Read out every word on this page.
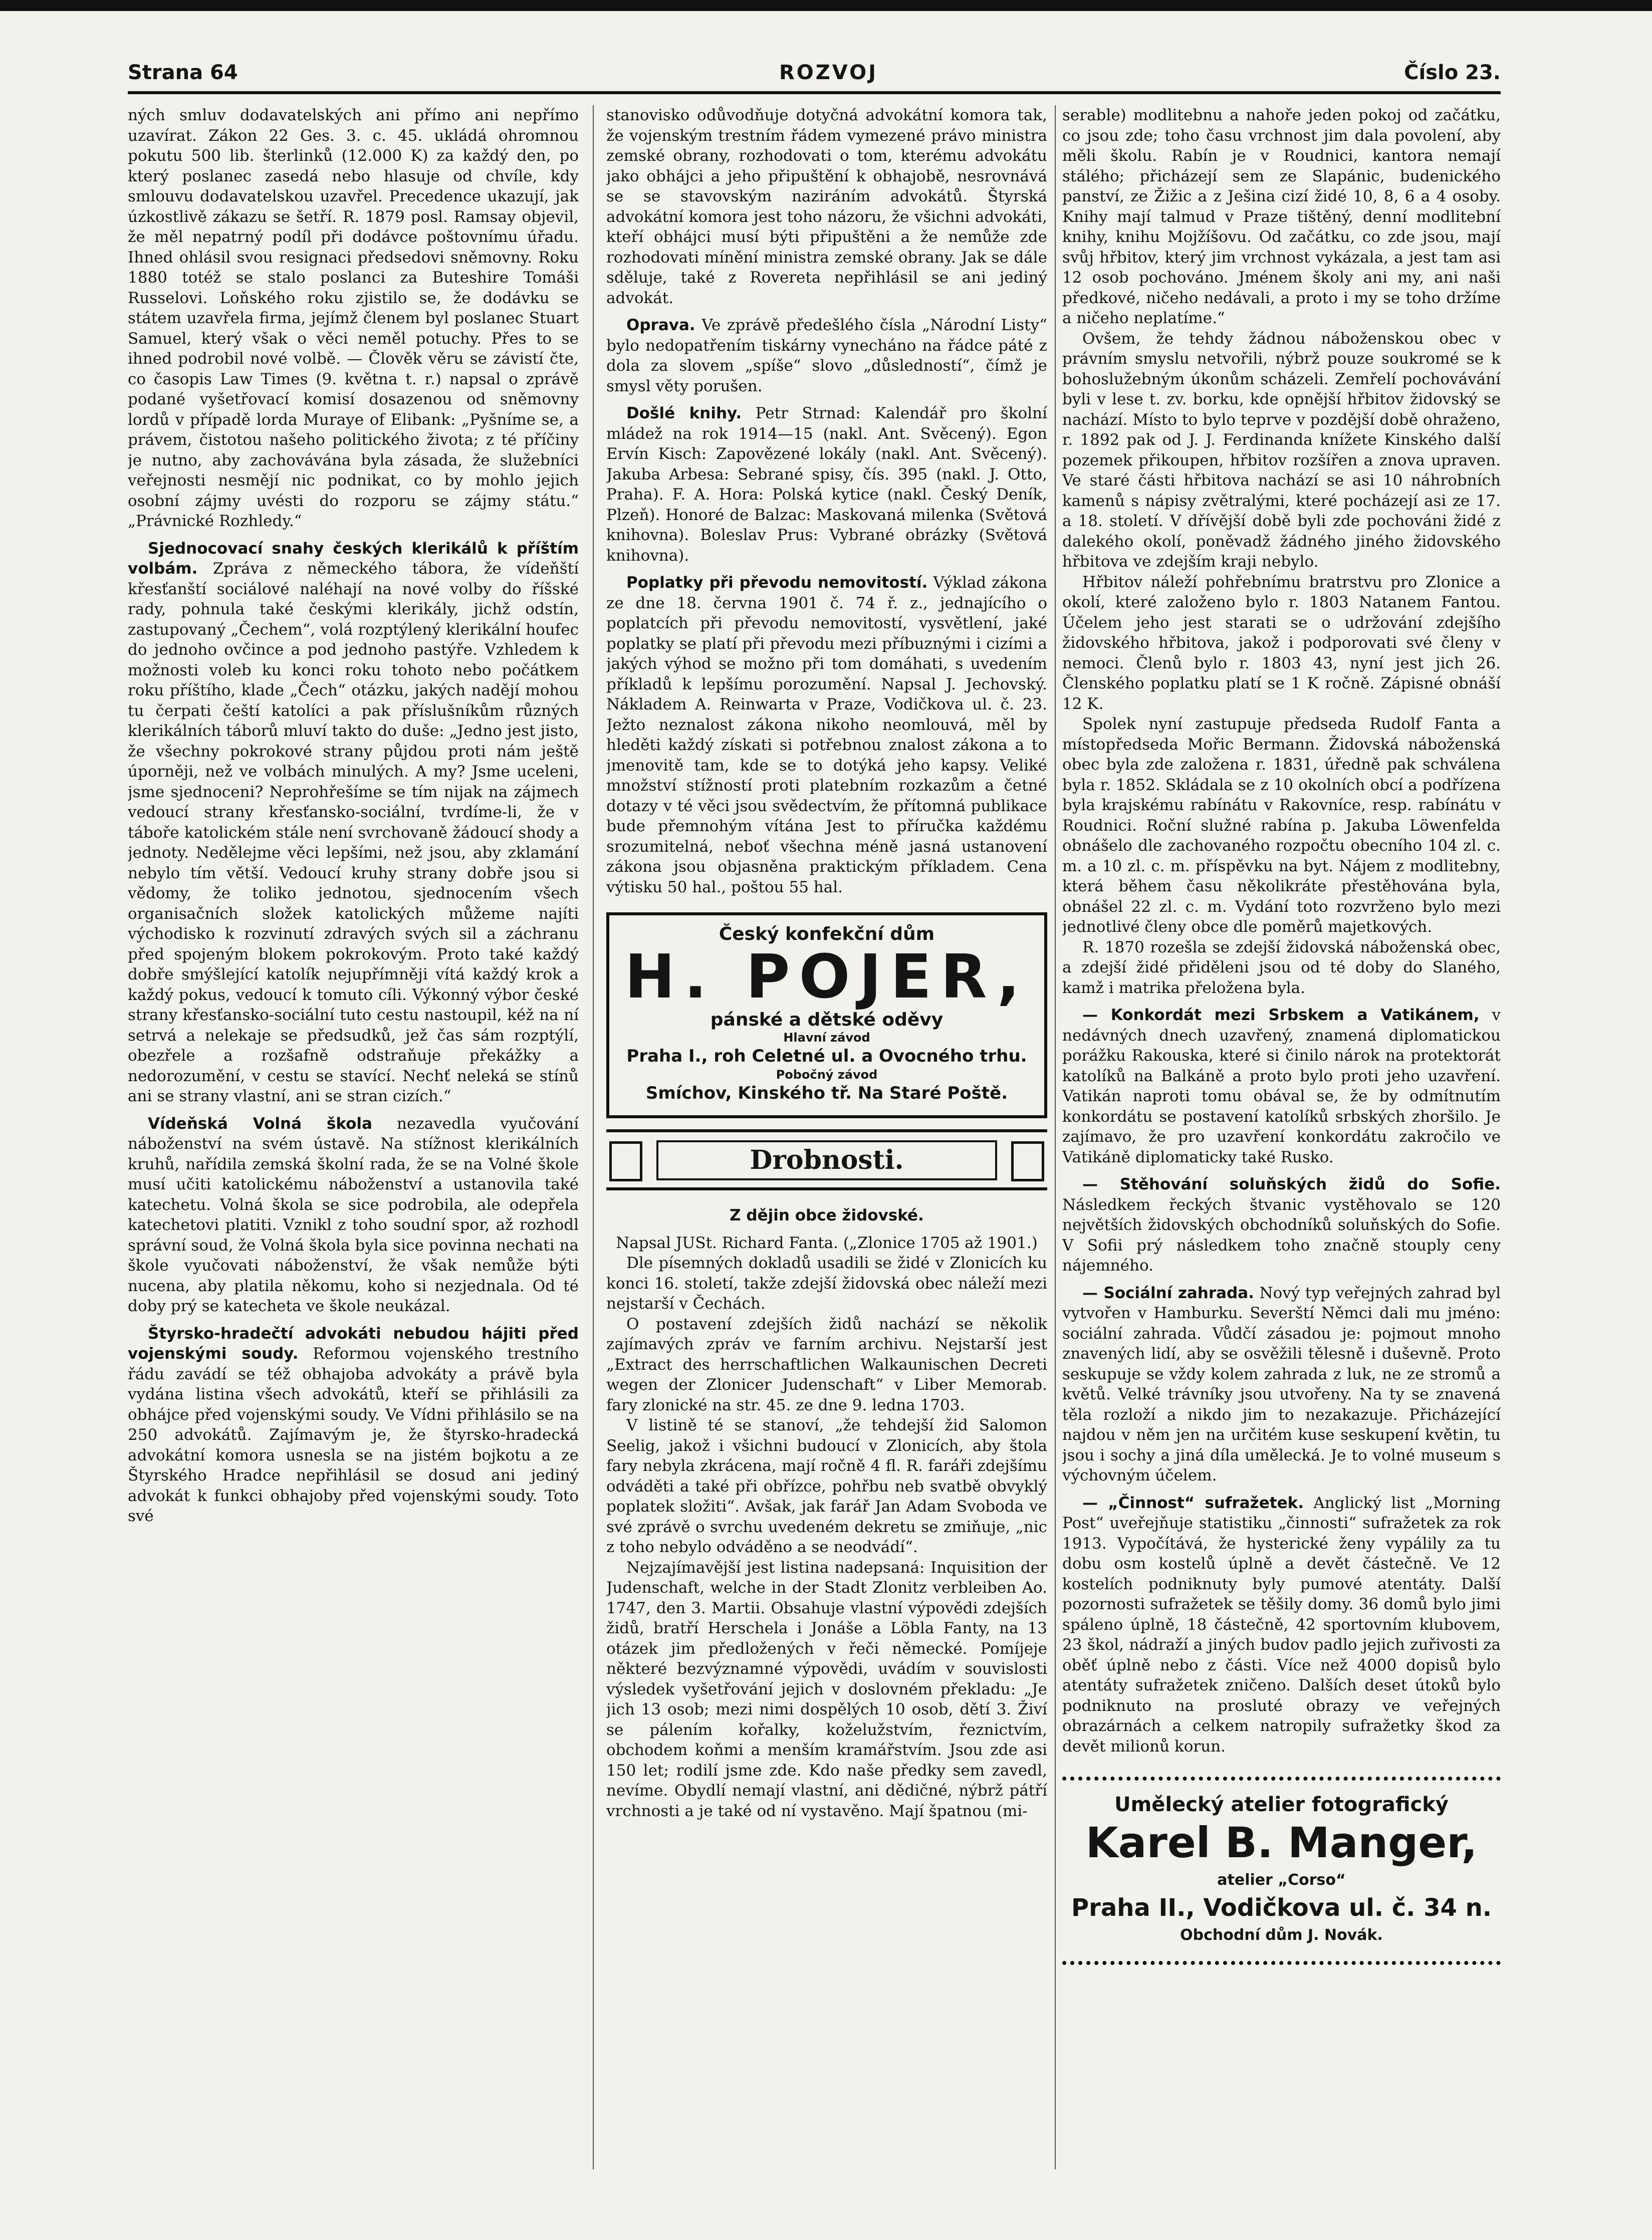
Strana 64	ROZVOJ	Číslo 23.

ných smluv dodavatelských ani přímo ani nepřímo uzavírat. Zákon 22 Ges. 3. c. 45. ukládá ohromnou pokutu 500 lib. šterlinků (12.000 K) za každý den, po který poslanec zasedá nebo hlasuje od chvíle, kdy smlouvu dodavatelskou uzavřel. Precedence ukazují, jak úzkostlivě zákazu se šetří. R. 1879 posl. Ramsay objevil, že měl nepatrný podíl při dodávce poštovnímu úřadu. Ihned ohlásil svou resignaci předsedovi sněmovny. Roku 1880 totéž se stalo poslanci za Buteshire Tomáši Russelovi. Loňského roku zjistilo se, že dodávku se státem uzavřela firma, jejímž členem byl poslanec Stuart Samuel, který však o věci neměl potuchy. Přes to se ihned podrobil nové volbě. — Člověk věru se závistí čte, co časopis Law Times (9. května t. r.) napsal o zprávě podané vyšetřovací komisí dosazenou od sněmovny lordů v případě lorda Muraye of Elibank: „Pyšníme se, a právem, čistotou našeho politického života; z té příčiny je nutno, aby zachovávána byla zásada, že služebníci veřejnosti nesmějí nic podnikat, co by mohlo jejich osobní zájmy uvésti do rozporu se zájmy státu.“ „Právnické Rozhledy.“

Sjednocovací snahy českých klerikálů k příštím volbám. Zpráva z německého tábora, že vídeňští křesťanští sociálové naléhají na nové volby do říšské rady, pohnula také českými klerikály, jichž odstín, zastupovaný „Čechem“, volá rozptýlený klerikální houfec do jednoho ovčince a pod jednoho pastýře. Vzhledem k možnosti voleb ku konci roku tohoto nebo počátkem roku příštího, klade „Čech“ otázku, jakých nadějí mohou tu čerpati čeští katolíci a pak příslušníkům různých klerikálních táborů mluví takto do duše: „Jedno jest jisto, že všechny pokrokové strany půjdou proti nám ještě úporněji, než ve volbách minulých. A my? Jsme uceleni, jsme sjednoceni? Neprohřešíme se tím nijak na zájmech vedoucí strany křesťansko-sociální, tvrdíme-li, že v táboře katolickém stále není svrchovaně žádoucí shody a jednoty. Nedělejme věci lepšími, než jsou, aby zklamání nebylo tím větší. Vedoucí kruhy strany dobře jsou si vědomy, že toliko jednotou, sjednocením všech organisačních složek katolických můžeme najíti východisko k rozvinutí zdravých svých sil a záchranu před spojeným blokem pokrokovým. Proto také každý dobře smýšlející katolík nejupřímněji vítá každý krok a každý pokus, vedoucí k tomuto cíli. Výkonný výbor české strany křesťansko-sociální tuto cestu nastoupil, kéž na ní setrvá a nelekaje se předsudků, jež čas sám rozptýlí, obezřele a rozšafně odstraňuje překážky a nedorozumění, v cestu se stavící. Nechť neleká se stínů ani se strany vlastní, ani se stran cizích.“

Vídeňská Volná škola nezavedla vyučování náboženství na svém ústavě. Na stížnost klerikálních kruhů, nařídila zemská školní rada, že se na Volné škole musí učiti katolickému náboženství a ustanovila také katechetu. Volná škola se sice podrobila, ale odepřela katechetovi platiti. Vznikl z toho soudní spor, až rozhodl správní soud, že Volná škola byla sice povinna nechati na škole vyučovati náboženství, že však nemůže býti nucena, aby platila někomu, koho si nezjednala. Od té doby prý se katecheta ve škole neukázal.

Štyrsko-hradečtí advokáti nebudou hájiti před vojenskými soudy. Reformou vojenského trestního řádu zavádí se též obhajoba advokáty a právě byla vydána listina všech advokátů, kteří se přihlásili za obhájce před vojenskými soudy. Ve Vídni přihlásilo se na 250 advokátů. Zajímavým je, že štyrsko-hradecká advokátní komora usnesla se na jistém bojkotu a ze Štyrského Hradce nepřihlásil se dosud ani jediný advokát k funkci obhajoby před vojenskými soudy. Toto své

stanovisko odůvodňuje dotyčná advokátní komora tak, že vojenským trestním řádem vymezené právo ministra zemské obrany, rozhodovati o tom, kterému advokátu jako obhájci a jeho připuštění k obhajobě, nesrovnává se se stavovským naziráním advokátů. Štyrská advokátní komora jest toho názoru, že všichni advokáti, kteří obhájci musí býti připuštěni a že nemůže zde rozhodovati mínění ministra zemské obrany. Jak se dále sděluje, také z Rovereta nepřihlásil se ani jediný advokát.

Oprava. Ve zprávě předešlého čísla „Národní Listy“ bylo nedopatřením tiskárny vynecháno na řádce páté z dola za slovem „spíše“ slovo „důsledností“, čímž je smysl věty porušen.

Došlé knihy. Petr Strnad: Kalendář pro školní mládež na rok 1914—15 (nakl. Ant. Svěcený). Egon Ervín Kisch: Zapovězené lokály (nakl. Ant. Svěcený). Jakuba Arbesa: Sebrané spisy, čís. 395 (nakl. J. Otto, Praha). F. A. Hora: Polská kytice (nakl. Český Deník, Plzeň). Honoré de Balzac: Maskovaná milenka (Světová knihovna). Boleslav Prus: Vybrané obrázky (Světová knihovna).

Poplatky při převodu nemovitostí. Výklad zákona ze dne 18. června 1901 č. 74 ř. z., jednajícího o poplatcích při převodu nemovitostí, vysvětlení, jaké poplatky se platí při převodu mezi příbuznými i cizími a jakých výhod se možno při tom domáhati, s uvedením příkladů k lepšímu porozumění. Napsal J. Jechovský. Nákladem A. Reinwarta v Praze, Vodičkova ul. č. 23. Ježto neznalost zákona nikoho neomlouvá, měl by hleděti každý získati si potřebnou znalost zákona a to jmenovitě tam, kde se to dotýká jeho kapsy. Veliké množství stížností proti platebním rozkazům a četné dotazy v té věci jsou svědectvím, že přítomná publikace bude přemnohým vítána Jest to příručka každému srozumitelná, neboť všechna méně jasná ustanovení zákona jsou objasněna praktickým příkladem. Cena výtisku 50 hal., poštou 55 hal.

Český konfekční dům
H. POJER,
pánské a dětské oděvy
Hlavní závod
Praha I., roh Celetné ul. a Ovocného trhu.
Pobočný závod
Smíchov, Kinského tř. Na Staré Poště.
Drobnosti.

Z dějin obce židovské.

Napsal JUSt. Richard Fanta. („Zlonice 1705 až 1901.)

Dle písemných dokladů usadili se židé v Zlonicích ku konci 16. století, takže zdejší židovská obec náleží mezi nejstarší v Čechách.

O postavení zdejších židů nachází se několik zajímavých zpráv ve farním archivu. Nejstarší jest „Extract des herrschaftlichen Walkaunischen Decreti wegen der Zlonicer Judenschaft“ v Liber Memorab. fary zlonické na str. 45. ze dne 9. ledna 1703.

V listině té se stanoví, „že tehdejší žid Salomon Seelig, jakož i všichni budoucí v Zlonicích, aby štola fary nebyla zkrácena, mají ročně 4 fl. R. faráři zdejšímu odváděti a také při obřízce, pohřbu neb svatbě obvyklý poplatek složiti“. Avšak, jak farář Jan Adam Svoboda ve své zprávě o svrchu uvedeném dekretu se zmiňuje, „nic z toho nebylo odváděno a se neodvádí“.

Nejzajímavější jest listina nadepsaná: Inquisition der Judenschaft, welche in der Stadt Zlonitz verbleiben Ao. 1747, den 3. Martii. Obsahuje vlastní výpovědi zdejších židů, bratří Herschela i Jonáše a Löbla Fanty, na 13 otázek jim předložených v řeči německé. Pomíjeje některé bezvýznamné výpovědi, uvádím v souvislosti výsledek vyšetřování jejich v doslovném překladu: „Je jich 13 osob; mezi nimi dospělých 10 osob, dětí 3. Živí se pálením kořalky, koželužstvím, řeznictvím, obchodem koňmi a menším kramářstvím. Jsou zde asi 150 let; rodilí jsme zde. Kdo naše předky sem zavedl, nevíme. Obydlí nemají vlastní, ani dědičné, nýbrž pátří vrchnosti a je také od ní vystavěno. Mají špatnou (mi-

serable) modlitebnu a nahoře jeden pokoj od začátku, co jsou zde; toho času vrchnost jim dala povolení, aby měli školu. Rabín je v Roudnici, kantora nemají stálého; přicházejí sem ze Slapánic, budenického panství, ze Žižic a z Ješina cizí židé 10, 8, 6 a 4 osoby. Knihy mají talmud v Praze tištěný, denní modlitební knihy, knihu Mojžíšovu. Od začátku, co zde jsou, mají svůj hřbitov, který jim vrchnost vykázala, a jest tam asi 12 osob pochováno. Jménem školy ani my, ani naši předkové, ničeho nedávali, a proto i my se toho držíme a ničeho neplatíme.“

Ovšem, že tehdy žádnou náboženskou obec v právním smyslu netvořili, nýbrž pouze soukromé se k bohoslužebným úkonům scházeli. Zemřelí pochovávání byli v lese t. zv. borku, kde opnější hřbitov židovský se nachází. Místo to bylo teprve v pozdější době ohraženo, r. 1892 pak od J. J. Ferdinanda knížete Kinského další pozemek přikoupen, hřbitov rozšířen a znova upraven. Ve staré části hřbitova nachází se asi 10 náhrobních kamenů s nápisy zvětralými, které pocházejí asi ze 17. a 18. století. V dřívější době byli zde pochováni židé z dalekého okolí, poněvadž žádného jiného židovského hřbitova ve zdejším kraji nebylo.

Hřbitov náleží pohřebnímu bratrstvu pro Zlonice a okolí, které založeno bylo r. 1803 Natanem Fantou. Účelem jeho jest starati se o udržování zdejšího židovského hřbitova, jakož i podporovati své členy v nemoci. Členů bylo r. 1803 43, nyní jest jich 26. Členského poplatku platí se 1 K ročně. Zápisné obnáší 12 K.

Spolek nyní zastupuje předseda Rudolf Fanta a místopředseda Mořic Bermann. Židovská náboženská obec byla zde založena r. 1831, úředně pak schválena byla r. 1852. Skládala se z 10 okolních obcí a podřízena byla krajskému rabínátu v Rakovníce, resp. rabínátu v Roudnici. Roční služné rabína p. Jakuba Löwenfelda obnášelo dle zachovaného rozpočtu obecního 104 zl. c. m. a 10 zl. c. m. příspěvku na byt. Nájem z modlitebny, která během času několikráte přestěhována byla, obnášel 22 zl. c. m. Vydání toto rozvrženo bylo mezi jednotlivé členy obce dle poměrů majetkových.

R. 1870 rozešla se zdejší židovská náboženská obec, a zdejší židé přiděleni jsou od té doby do Slaného, kamž i matrika přeložena byla.

— Konkordát mezi Srbskem a Vatikánem, v nedávných dnech uzavřený, znamená diplomatickou porážku Rakouska, které si činilo nárok na protektorát katolíků na Balkáně a proto bylo proti jeho uzavření. Vatikán naproti tomu obával se, že by odmítnutím konkordátu se postavení katolíků srbských zhoršilo. Je zajímavo, že pro uzavření konkordátu zakročilo ve Vatikáně diplomaticky také Rusko.

— Stěhování soluňských židů do Sofie. Následkem řeckých štvanic vystěhovalo se 120 největších židovských obchodníků soluňských do Sofie. V Sofii prý následkem toho značně stouply ceny nájemného.

— Sociální zahrada. Nový typ veřejných zahrad byl vytvořen v Hamburku. Severští Němci dali mu jméno: sociální zahrada. Vůdčí zásadou je: pojmout mnoho znavených lidí, aby se osvěžili tělesně i duševně. Proto seskupuje se vždy kolem zahrada z luk, ne ze stromů a květů. Velké trávníky jsou utvořeny. Na ty se znavená těla rozloží a nikdo jim to nezakazuje. Přicházející najdou v něm jen na určitém kuse seskupení květin, tu jsou i sochy a jiná díla umělecká. Je to volné museum s výchovným účelem.

— „Činnost“ sufražetek. Anglický list „Morning Post“ uveřejňuje statistiku „činnosti“ sufražetek za rok 1913. Vypočítává, že hysterické ženy vypálily za tu dobu osm kostelů úplně a devět částečně. Ve 12 kostelích podniknuty byly pumové atentáty. Další pozornosti sufražetek se těšily domy. 36 domů bylo jimi spáleno úplně, 18 částečně, 42 sportovním klubovem, 23 škol, nádraží a jiných budov padlo jejich zuřivosti za oběť úplně nebo z části. Více než 4000 dopisů bylo atentáty sufražetek zničeno. Dalších deset útoků bylo podniknuto na prosluté obrazy ve veřejných obrazárnách a celkem natropily sufražetky škod za devět milionů korun.

Umělecký atelier fotografický
Karel B. Manger,
atelier „Corso“
Praha II., Vodičkova ul. č. 34 n.
Obchodní dům J. Novák.
